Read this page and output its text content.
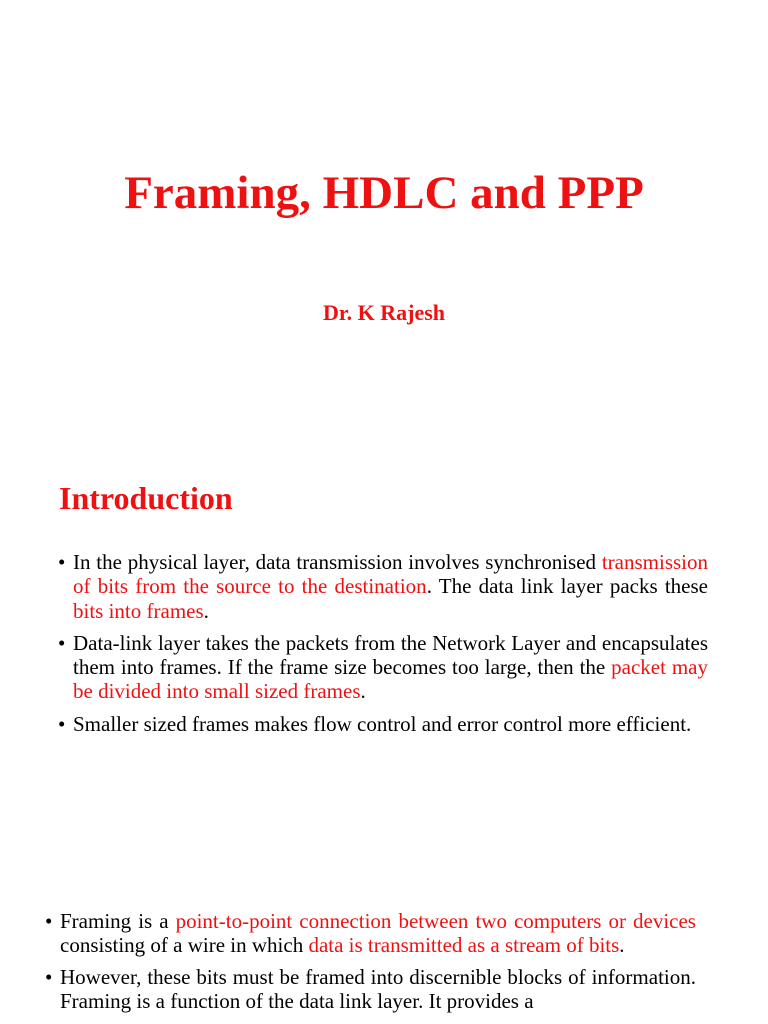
Framing, HDLC and PPP
Dr. K Rajesh
Introduction
• In the physical layer, data transmission involves synchronised transmission of bits from the source to the destination. The data link layer packs these bits into frames.
• Data-link layer takes the packets from the Network Layer and encapsulates them into frames. If the frame size becomes too large, then the packet may be divided into small sized frames.
• Smaller sized frames makes flow control and error control more efficient.
• Framing is a point-to-point connection between two computers or devices consisting of a wire in which data is transmitted as a stream of bits.
• However, these bits must be framed into discernible blocks of information. Framing is a function of the data link layer. It provides a
